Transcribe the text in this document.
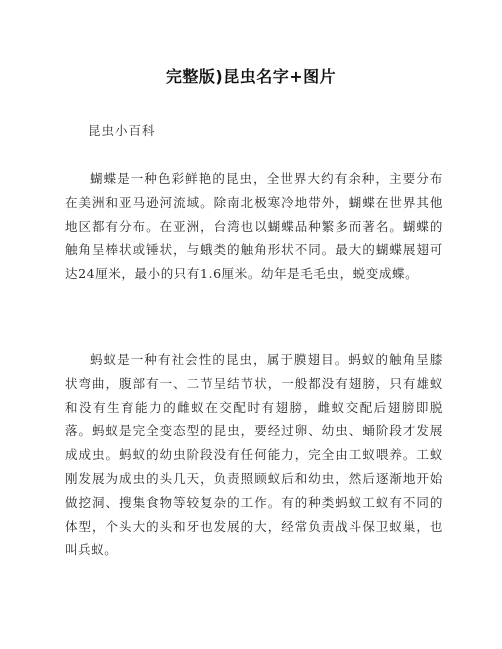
完整版)昆虫名字+图片

昆虫小百科

蝴蝶是一种色彩鲜艳的昆虫，全世界大约有余种，主要分布在美洲和亚马逊河流域。除南北极寒冷地带外，蝴蝶在世界其他地区都有分布。在亚洲，台湾也以蝴蝶品种繁多而著名。蝴蝶的触角呈棒状或锤状，与蛾类的触角形状不同。最大的蝴蝶展翅可达24厘米，最小的只有1.6厘米。幼年是毛毛虫，蜕变成蝶。

蚂蚁是一种有社会性的昆虫，属于膜翅目。蚂蚁的触角呈膝状弯曲，腹部有一、二节呈结节状，一般都没有翅膀，只有雄蚁和没有生育能力的雌蚁在交配时有翅膀，雌蚁交配后翅膀即脱落。蚂蚁是完全变态型的昆虫，要经过卵、幼虫、蛹阶段才发展成成虫。蚂蚁的幼虫阶段没有任何能力，完全由工蚁喂养。工蚁刚发展为成虫的头几天，负责照顾蚁后和幼虫，然后逐渐地开始做挖洞、搜集食物等较复杂的工作。有的种类蚂蚁工蚁有不同的体型，个头大的头和牙也发展的大，经常负责战斗保卫蚁巢，也叫兵蚁。
